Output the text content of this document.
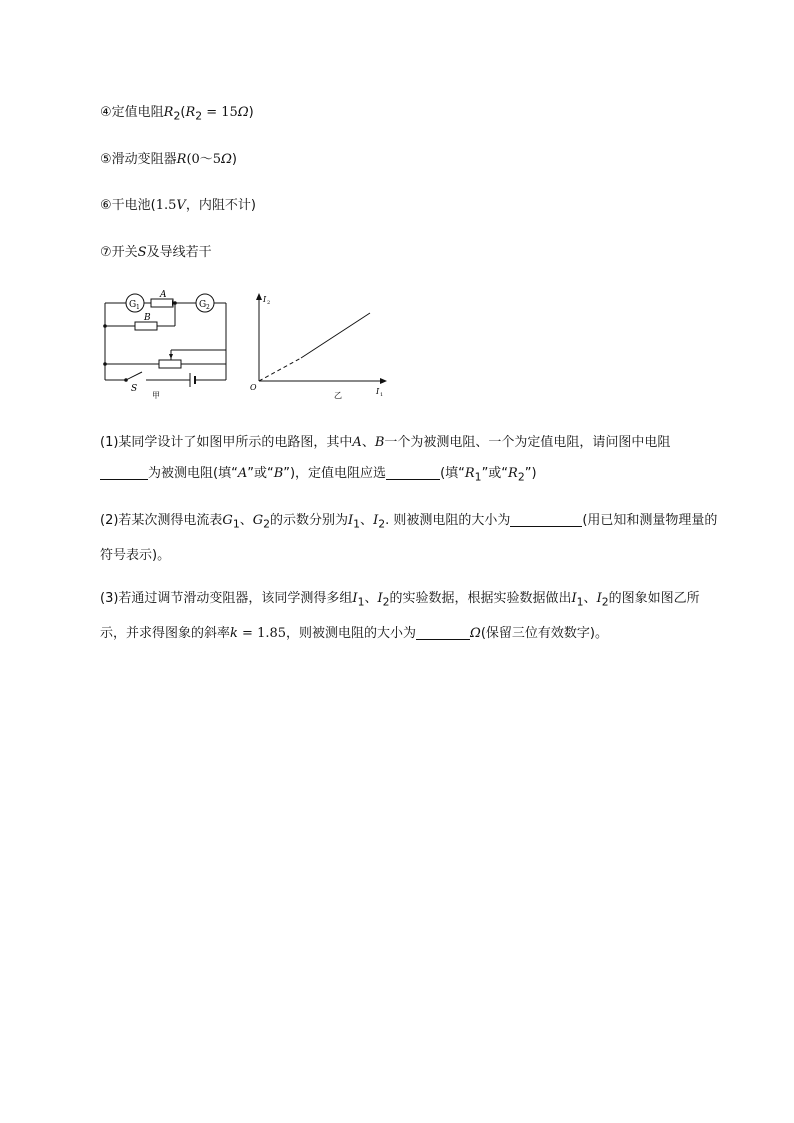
④定值电阻$R_2(R_2 = 15\Omega)$
⑤滑动变阻器R(0～5Ω)
⑥干电池(1.5V，内阻不计)
⑦开关S及导线若干
G 1	G 2
A
B
S
甲
I 2
I 1
O
乙
(1)某同学设计了如图甲所示的电路图，其中A、B一个为被测电阻、一个为定值电阻，请问图中电阻
为被测电阻(填“A”或“B”)，定值电阻应选	(填“$R_1$”或“$R_2$”)
(2)若某次测得电流表$G_1$、$G_2$的示数分别为$I_1$、$I_2$. 则被测电阻的大小为	(用已知和测量物理量的符号表示)。
(3)若通过调节滑动变阻器，该同学测得多组$I_1$、$I_2$的实验数据，根据实验数据做出$I_1$、$I_2$的图象如图乙所示，并求得图象的斜率k = 1.85，则被测电阻的大小为	Ω(保留三位有效数字)。
